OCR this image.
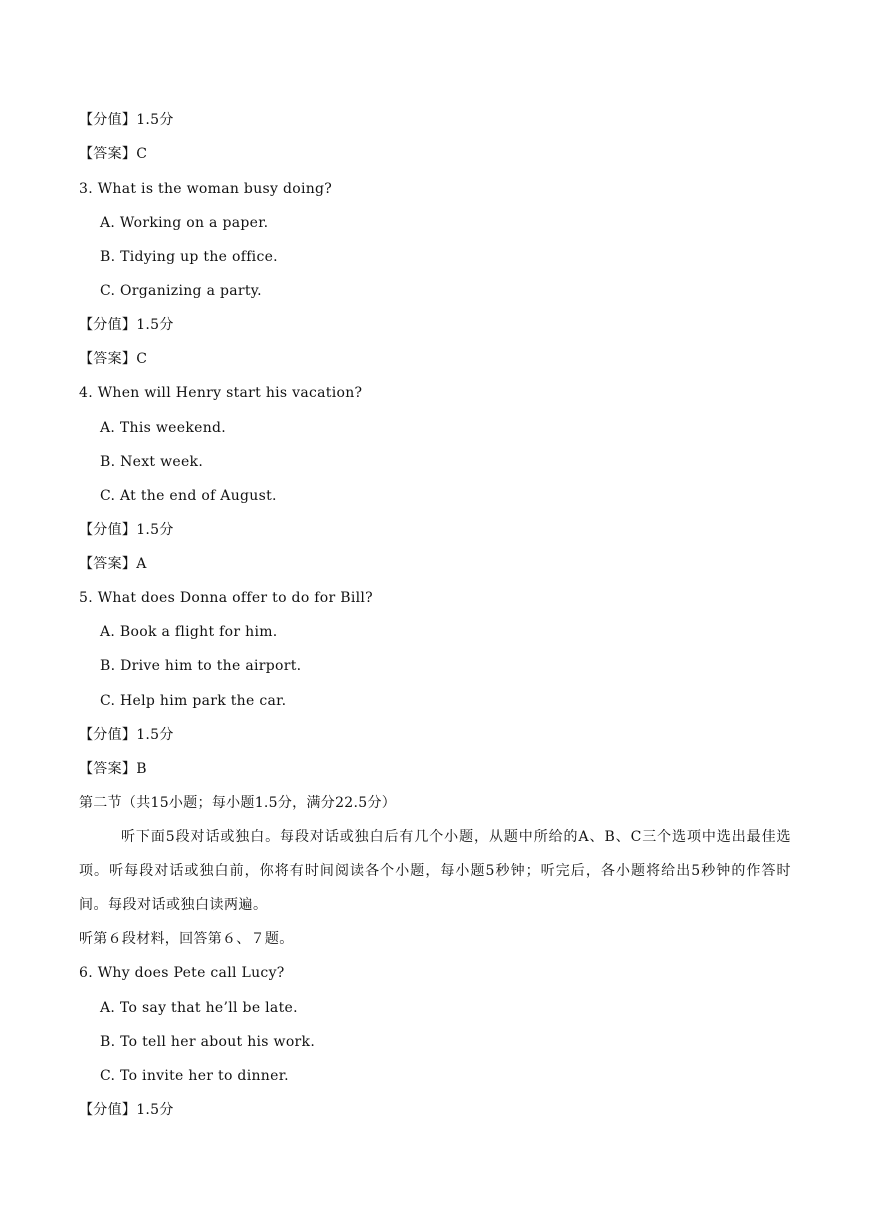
【分值】1.5分
【答案】C
3. What is the woman busy doing?
A. Working on a paper.
B. Tidying up the office.
C. Organizing a party.
【分值】1.5分
【答案】C
4. When will Henry start his vacation?
A. This weekend.
B. Next week.
C. At the end of August.
【分值】1.5分
【答案】A
5. What does Donna offer to do for Bill?
A. Book a flight for him.
B. Drive him to the airport.
C. Help him park the car.
【分值】1.5分
【答案】B
第二节（共15小题；每小题1.5分，满分22.5分）
听下面5段对话或独白。每段对话或独白后有几个小题，从题中所给的A、B、C三个选项中选出最佳选项。听每段对话或独白前，你将有时间阅读各个小题，每小题5秒钟；听完后，各小题将给出5秒钟的作答时间。每段对话或独白读两遍。
听第６段材料，回答第６、７题。
6. Why does Pete call Lucy?
A. To say that he’ll be late.
B. To tell her about his work.
C. To invite her to dinner.
【分值】1.5分
